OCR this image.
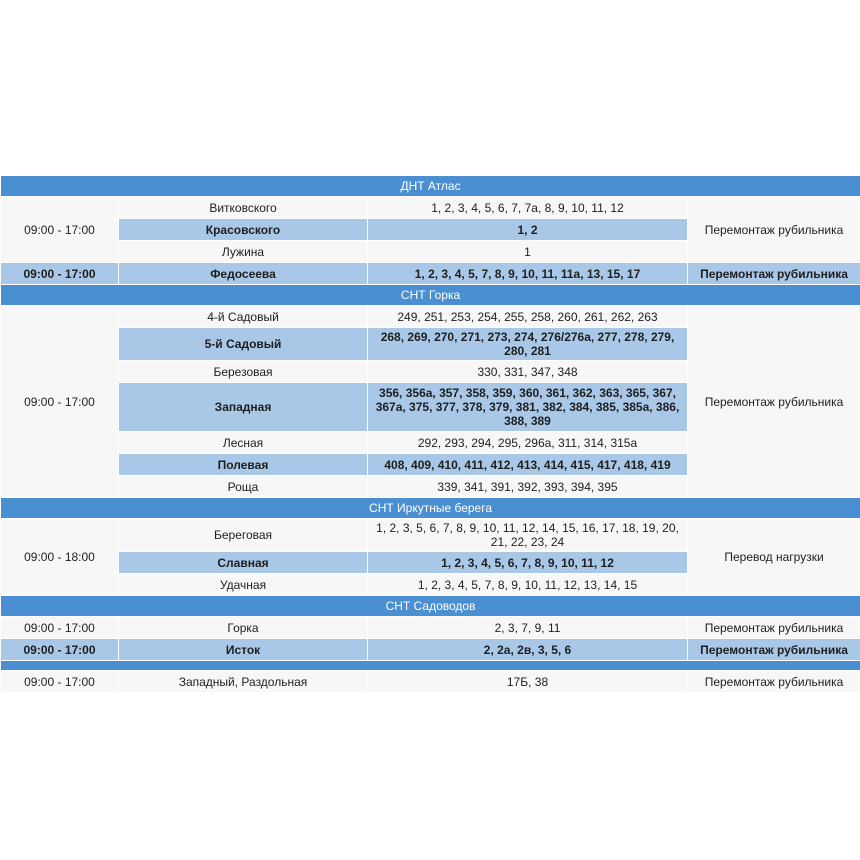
ДНТ Атлас			
09:00 - 17:00	Витковского	1, 2, 3, 4, 5, 6, 7, 7а, 8, 9, 10, 11, 12	Перемонтаж рубильника
	Красовского	1, 2	
	Лужина	1	
09:00 - 17:00	Федосеева	1, 2, 3, 4, 5, 7, 8, 9, 10, 11, 11а, 13, 15, 17	Перемонтаж рубильника
СНТ Горка			
09:00 - 17:00	4-й Садовый	249, 251, 253, 254, 255, 258, 260, 261, 262, 263	Перемонтаж рубильника
	5-й Садовый	268, 269, 270, 271, 273, 274, 276/276а, 277, 278, 279, 280, 281	
	Березовая	330, 331, 347, 348	
	Западная	356, 356а, 357, 358, 359, 360, 361, 362, 363, 365, 367, 367а, 375, 377, 378, 379, 381, 382, 384, 385, 385а, 386, 388, 389	
	Лесная	292, 293, 294, 295, 296а, 311, 314, 315а	
	Полевая	408, 409, 410, 411, 412, 413, 414, 415, 417, 418, 419	
	Роща	339, 341, 391, 392, 393, 394, 395	
СНТ Иркутные берега			
09:00 - 18:00	Береговая	1, 2, 3, 5, 6, 7, 8, 9, 10, 11, 12, 14, 15, 16, 17, 18, 19, 20, 21, 22, 23, 24	Перевод нагрузки
	Славная	1, 2, 3, 4, 5, 6, 7, 8, 9, 10, 11, 12	
	Удачная	1, 2, 3, 4, 5, 7, 8, 9, 10, 11, 12, 13, 14, 15	
СНТ Садоводов			
09:00 - 17:00	Горка	2, 3, 7, 9, 11	Перемонтаж рубильника
09:00 - 17:00	Исток	2, 2а, 2в, 3, 5, 6	Перемонтаж рубильника

09:00 - 17:00	Западный, Раздольная	17Б, 38	Перемонтаж рубильника
